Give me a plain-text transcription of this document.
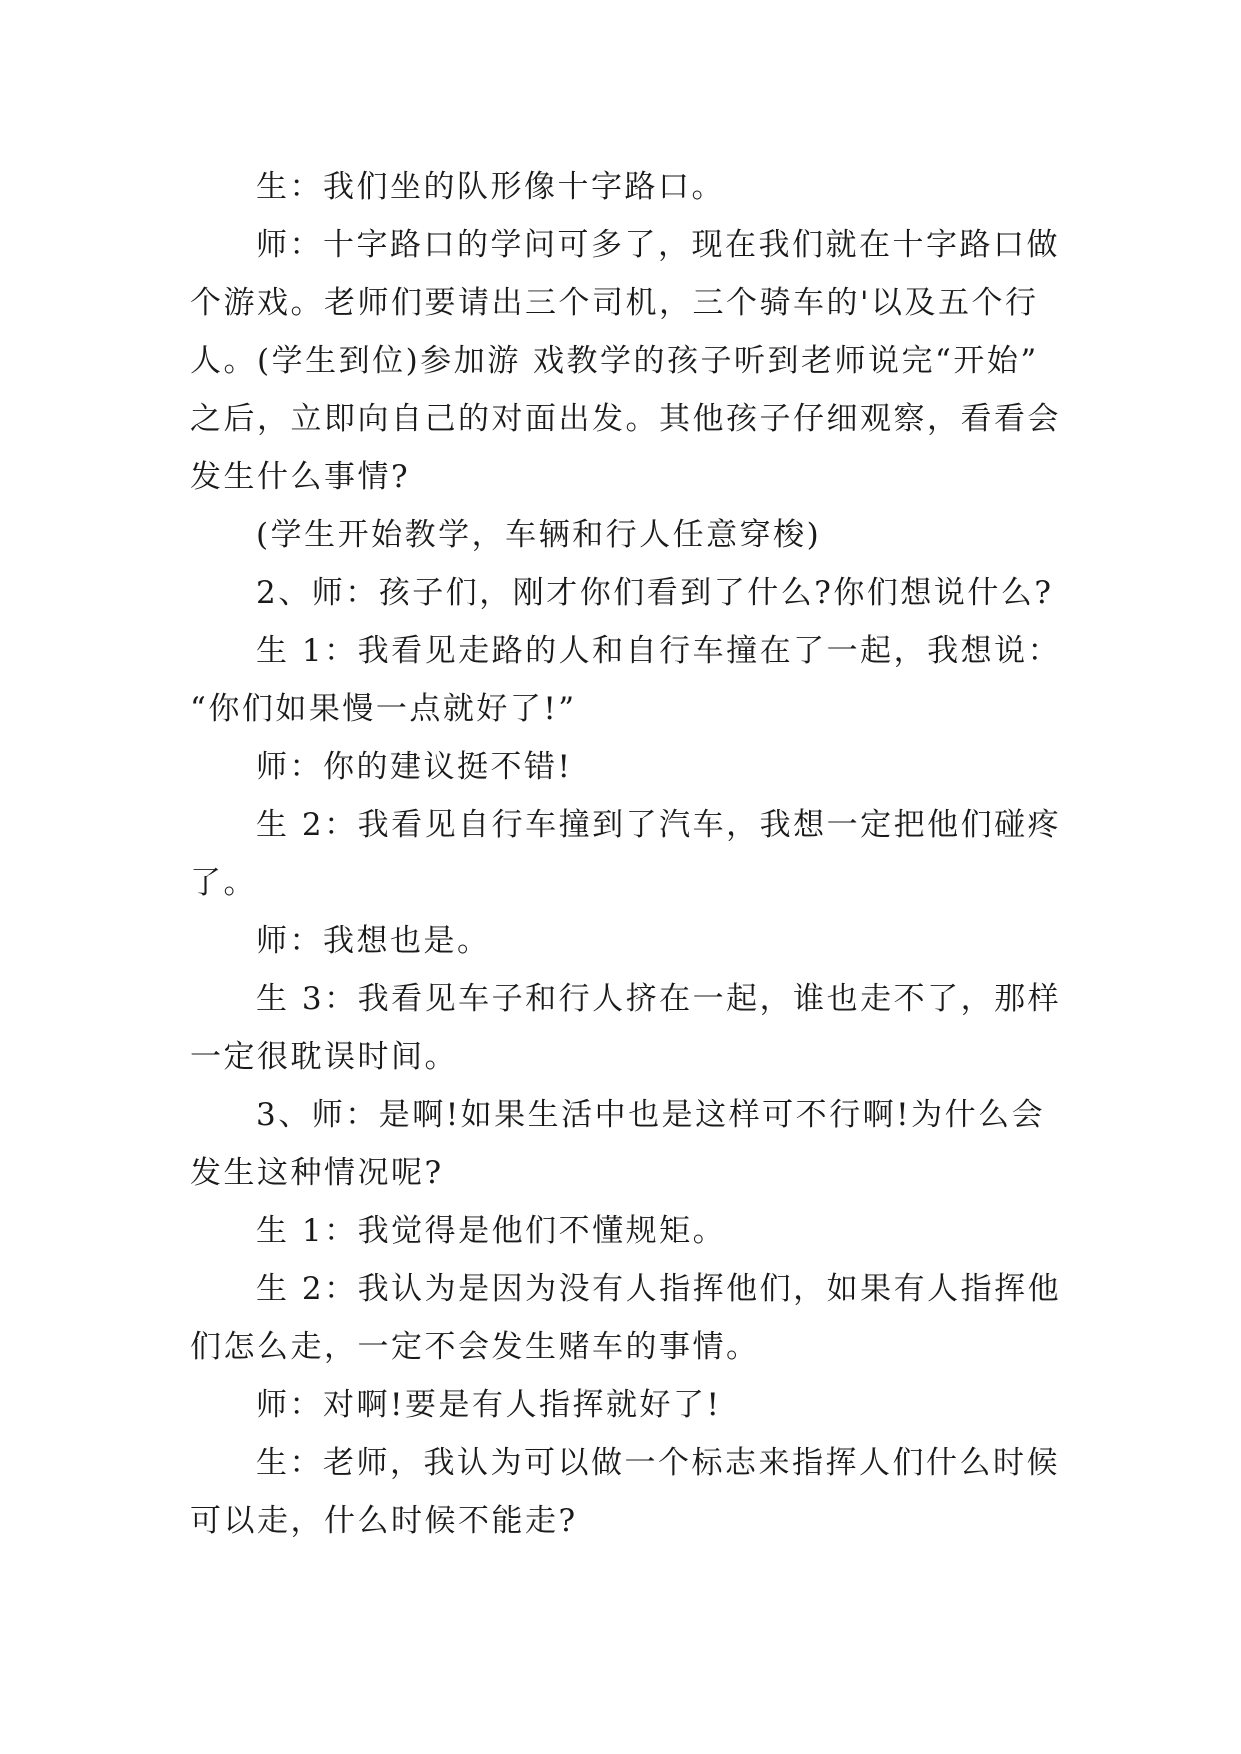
生：我们坐的队形像十字路口。
师：十字路口的学问可多了，现在我们就在十字路口做
个游戏。老师们要请出三个司机，三个骑车的'以及五个行
人。(学生到位)参加游 戏教学的孩子听到老师说完“开始”
之后，立即向自己的对面出发。其他孩子仔细观察，看看会
发生什么事情?
(学生开始教学，车辆和行人任意穿梭)
2、师：孩子们，刚才你们看到了什么?你们想说什么?
生 1：我看见走路的人和自行车撞在了一起，我想说：
“你们如果慢一点就好了!”
师：你的建议挺不错!
生 2：我看见自行车撞到了汽车，我想一定把他们碰疼
了。
师：我想也是。
生 3：我看见车子和行人挤在一起，谁也走不了，那样
一定很耽误时间。
3、师：是啊!如果生活中也是这样可不行啊!为什么会
发生这种情况呢?
生 1：我觉得是他们不懂规矩。
生 2：我认为是因为没有人指挥他们，如果有人指挥他
们怎么走，一定不会发生赌车的事情。
师：对啊!要是有人指挥就好了!
生：老师，我认为可以做一个标志来指挥人们什么时候
可以走，什么时候不能走?
